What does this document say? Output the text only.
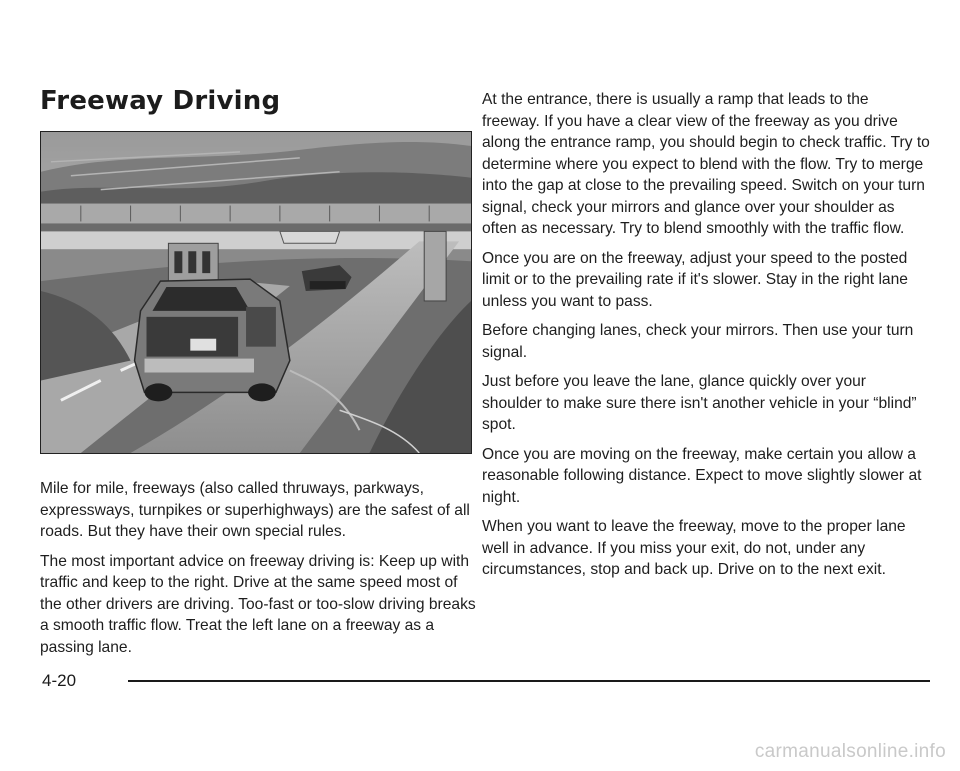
Freeway Driving

Mile for mile, freeways (also called thruways, parkways, expressways, turnpikes or superhighways) are the safest of all roads. But they have their own special rules.

The most important advice on freeway driving is: Keep up with traffic and keep to the right. Drive at the same speed most of the other drivers are driving. Too-fast or too-slow driving breaks a smooth traffic flow. Treat the left lane on a freeway as a passing lane.

At the entrance, there is usually a ramp that leads to the freeway. If you have a clear view of the freeway as you drive along the entrance ramp, you should begin to check traffic. Try to determine where you expect to blend with the flow. Try to merge into the gap at close to the prevailing speed. Switch on your turn signal, check your mirrors and glance over your shoulder as often as necessary. Try to blend smoothly with the traffic flow.

Once you are on the freeway, adjust your speed to the posted limit or to the prevailing rate if it's slower. Stay in the right lane unless you want to pass.

Before changing lanes, check your mirrors. Then use your turn signal.

Just before you leave the lane, glance quickly over your shoulder to make sure there isn't another vehicle in your “blind” spot.

Once you are moving on the freeway, make certain you allow a reasonable following distance. Expect to move slightly slower at night.

When you want to leave the freeway, move to the proper lane well in advance. If you miss your exit, do not, under any circumstances, stop and back up. Drive on to the next exit.

4-20
carmanualsonline.info
